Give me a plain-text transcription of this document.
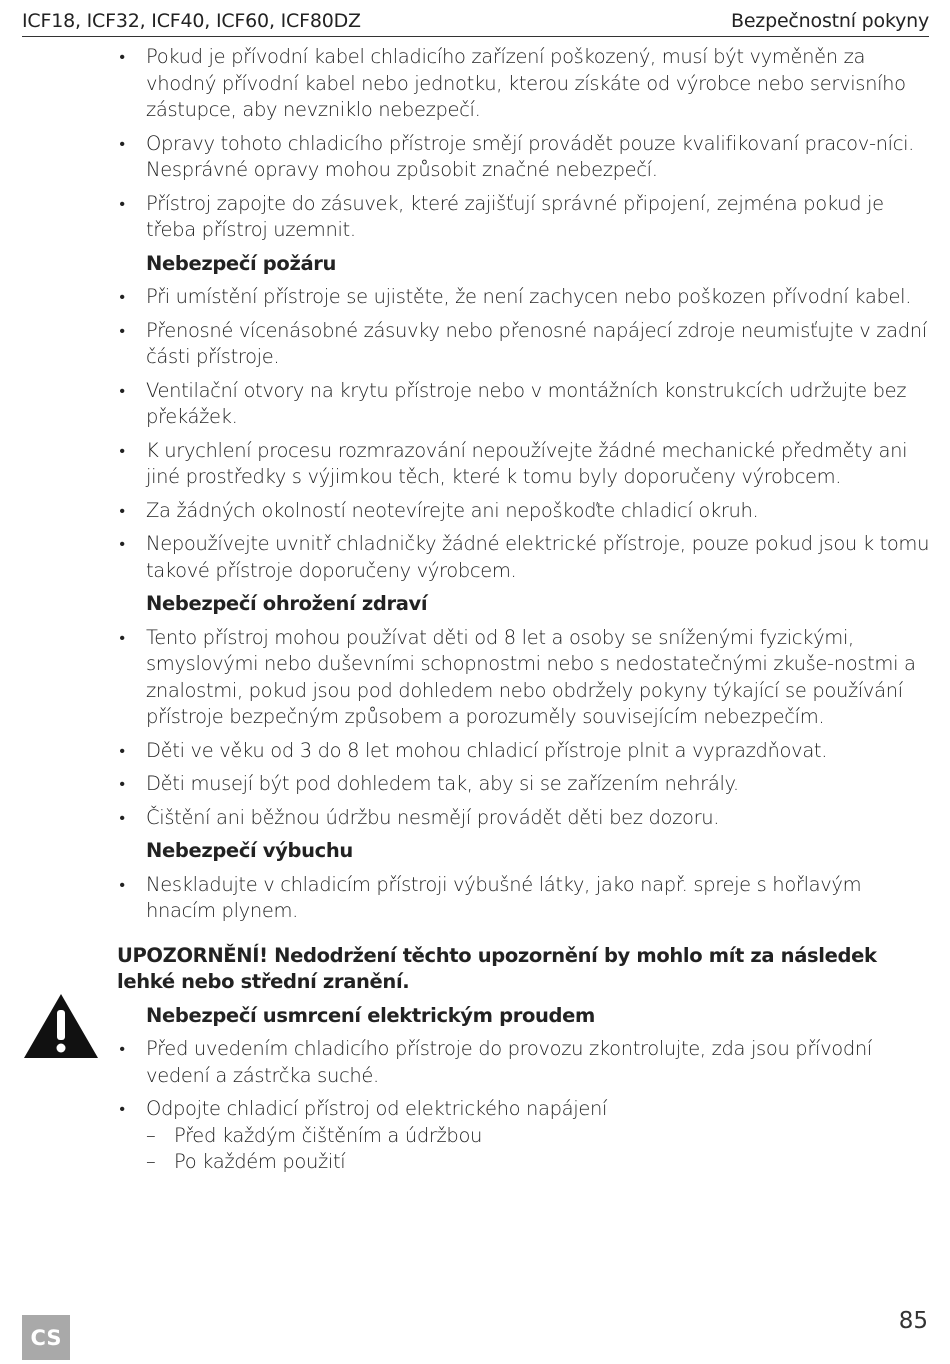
ICF18, ICF32, ICF40, ICF60, ICF80DZ	Bezpečnostní pokyny
• Pokud je přívodní kabel chladicího zařízení poškozený, musí být vyměněn za vhodný přívodní kabel nebo jednotku, kterou získáte od výrobce nebo servisního zástupce, aby nevzniklo nebezpečí.
• Opravy tohoto chladicího přístroje smějí provádět pouze kvalifikovaní pracov-níci. Nesprávné opravy mohou způsobit značné nebezpečí.
• Přístroj zapojte do zásuvek, které zajišťují správné připojení, zejména pokud je třeba přístroj uzemnit.
Nebezpečí požáru
• Při umístění přístroje se ujistěte, že není zachycen nebo poškozen přívodní kabel.
• Přenosné vícenásobné zásuvky nebo přenosné napájecí zdroje neumisťujte v zadní části přístroje.
• Ventilační otvory na krytu přístroje nebo v montážních konstrukcích udržujte bez překážek.
• K urychlení procesu rozmrazování nepoužívejte žádné mechanické předměty ani jiné prostředky s výjimkou těch, které k tomu byly doporučeny výrobcem.
• Za žádných okolností neotevírejte ani nepoškoďte chladicí okruh.
• Nepoužívejte uvnitř chladničky žádné elektrické přístroje, pouze pokud jsou k tomu takové přístroje doporučeny výrobcem.
Nebezpečí ohrožení zdraví
• Tento přístroj mohou používat děti od 8 let a osoby se sníženými fyzickými, smyslovými nebo duševními schopnostmi nebo s nedostatečnými zkuše-nostmi a znalostmi, pokud jsou pod dohledem nebo obdržely pokyny týkající se používání přístroje bezpečným způsobem a porozuměly souvisejícím nebezpečím.
• Děti ve věku od 3 do 8 let mohou chladicí přístroje plnit a vyprazdňovat.
• Děti musejí být pod dohledem tak, aby si se zařízením nehrály.
• Čištění ani běžnou údržbu nesmějí provádět děti bez dozoru.
Nebezpečí výbuchu
• Neskladujte v chladicím přístroji výbušné látky, jako např. spreje s hořlavým hnacím plynem.
UPOZORNĚNÍ! Nedodržení těchto upozornění by mohlo mít za následek lehké nebo střední zranění.
Nebezpečí usmrcení elektrickým proudem
• Před uvedením chladicího přístroje do provozu zkontrolujte, zda jsou přívodní vedení a zástrčka suché.
• Odpojte chladicí přístroj od elektrického napájení
– Před každým čištěním a údržbou
– Po každém použití
CS
85
